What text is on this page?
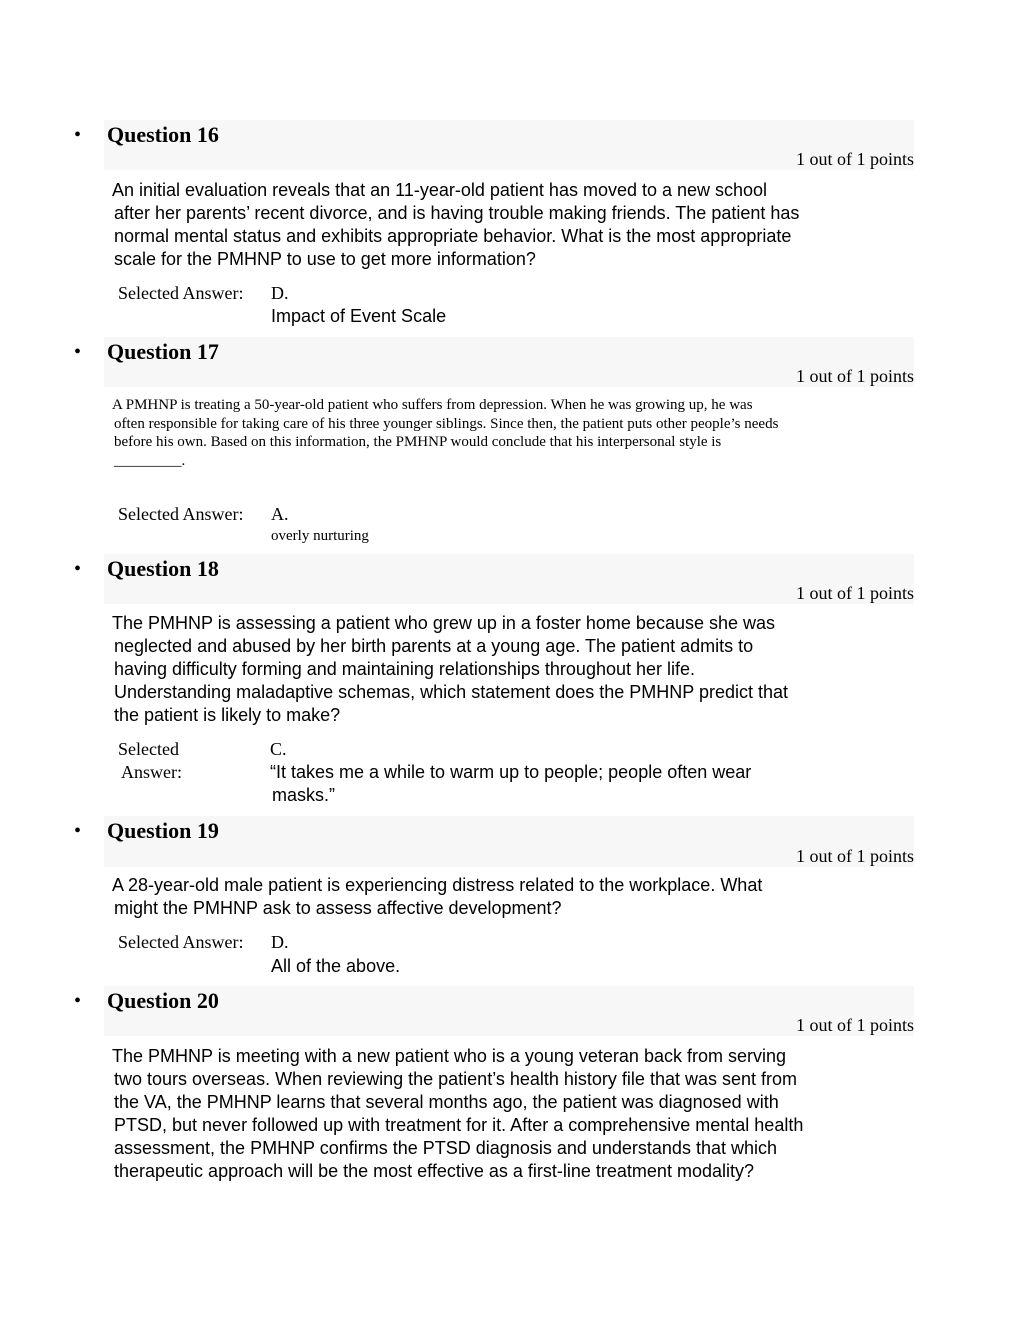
• Question 16
1 out of 1 points
An initial evaluation reveals that an 11-year-old patient has moved to a new school
after her parents’ recent divorce, and is having trouble making friends. The patient has
normal mental status and exhibits appropriate behavior. What is the most appropriate
scale for the PMHNP to use to get more information?
Selected Answer: D.
Impact of Event Scale
• Question 17
1 out of 1 points
A PMHNP is treating a 50-year-old patient who suffers from depression. When he was growing up, he was
often responsible for taking care of his three younger siblings. Since then, the patient puts other people’s needs
before his own. Based on this information, the PMHNP would conclude that his interpersonal style is
_________.
Selected Answer: A.
overly nurturing
• Question 18
1 out of 1 points
The PMHNP is assessing a patient who grew up in a foster home because she was
neglected and abused by her birth parents at a young age. The patient admits to
having difficulty forming and maintaining relationships throughout her life.
Understanding maladaptive schemas, which statement does the PMHNP predict that
the patient is likely to make?
Selected
Answer:
C.
“It takes me a while to warm up to people; people often wear
masks.”
• Question 19
1 out of 1 points
A 28-year-old male patient is experiencing distress related to the workplace. What
might the PMHNP ask to assess affective development?
Selected Answer: D.
All of the above.
• Question 20
1 out of 1 points
The PMHNP is meeting with a new patient who is a young veteran back from serving
two tours overseas. When reviewing the patient’s health history file that was sent from
the VA, the PMHNP learns that several months ago, the patient was diagnosed with
PTSD, but never followed up with treatment for it. After a comprehensive mental health
assessment, the PMHNP confirms the PTSD diagnosis and understands that which
therapeutic approach will be the most effective as a first-line treatment modality?
